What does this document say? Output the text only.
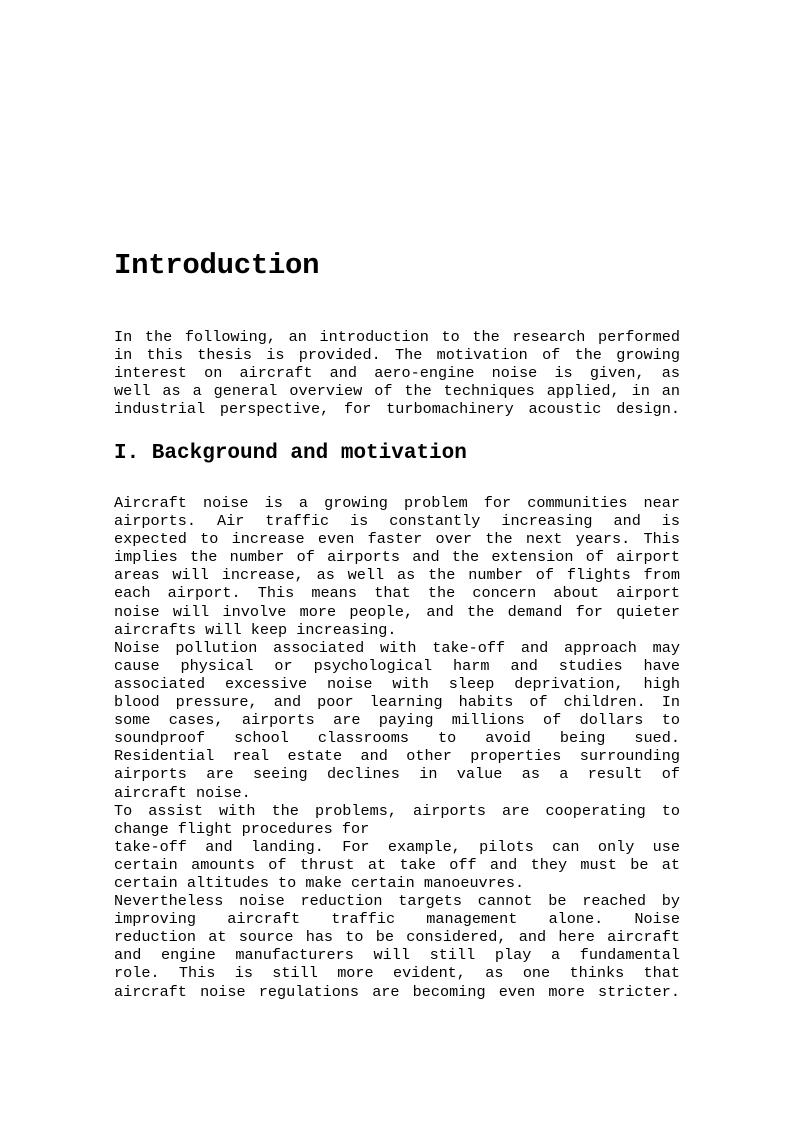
Introduction

In the following, an introduction to the research performed
in this thesis is provided. The motivation of the growing
interest on aircraft and aero-engine noise is given, as
well as a general overview of the techniques applied, in an
industrial perspective, for turbomachinery acoustic design.

I. Background and motivation

Aircraft noise is a growing problem for communities near
airports. Air traffic is constantly increasing and is
expected to increase even faster over the next years. This
implies the number of airports and the extension of airport
areas will increase, as well as the number of flights from
each airport. This means that the concern about airport
noise will involve more people, and the demand for quieter
aircrafts will keep increasing.

Noise pollution associated with take-off and approach may
cause physical or psychological harm and studies have
associated excessive noise with sleep deprivation, high
blood pressure, and poor learning habits of children. In
some cases, airports are paying millions of dollars to
soundproof school classrooms to avoid being sued.
Residential real estate and other properties surrounding
airports are seeing declines in value as a result of
aircraft noise.

To assist with the problems, airports are cooperating to
change flight procedures for

take-off and landing. For example, pilots can only use
certain amounts of thrust at take off and they must be at
certain altitudes to make certain manoeuvres.

Nevertheless noise reduction targets cannot be reached by
improving aircraft traffic management alone. Noise
reduction at source has to be considered, and here aircraft
and engine manufacturers will still play a fundamental
role. This is still more evident, as one thinks that
aircraft noise regulations are becoming even more stricter.
